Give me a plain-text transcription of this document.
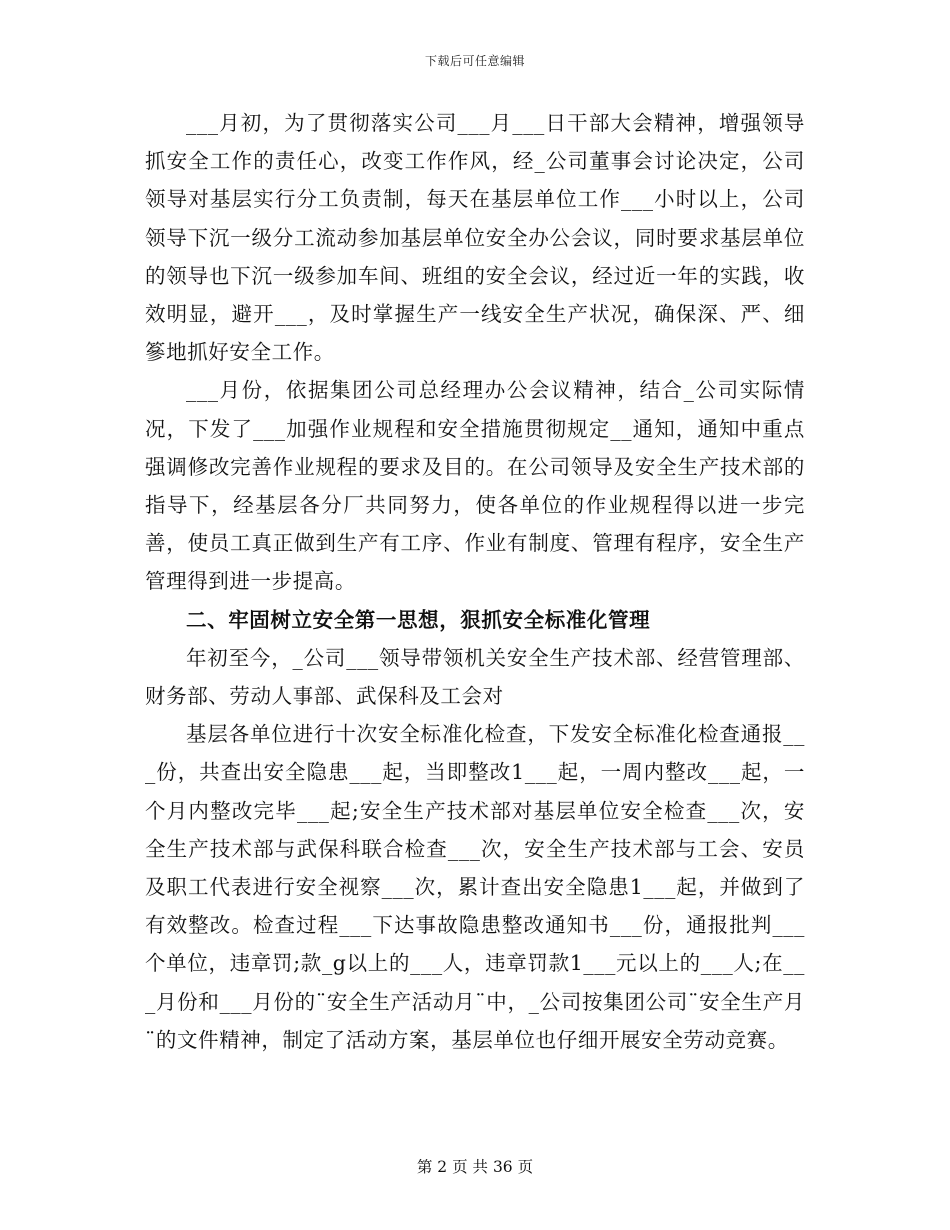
下载后可任意编辑

___月初，为了贯彻落实公司___月___日干部大会精神，增强领导抓安全工作的责任心，改变工作作风，经_公司董事会讨论决定，公司领导对基层实行分工负责制，每天在基层单位工作___小时以上，公司领导下沉一级分工流动参加基层单位安全办公会议，同时要求基层单位的领导也下沉一级参加车间、班组的安全会议，经过近一年的实践，收效明显，避开___，及时掌握生产一线安全生产状况，确保深、严、细篸地抓好安全工作。

___月份，依据集团公司总经理办公会议精神，结合_公司实际情况，下发了___加强作业规程和安全措施贯彻规定__通知，通知中重点强调修改完善作业规程的要求及目的。在公司领导及安全生产技术部的指导下，经基层各分厂共同努力，使各单位的作业规程得以进一步完善，使员工真正做到生产有工序、作业有制度、管理有程序，安全生产管理得到进一步提高。

二、牢固树立安全第一思想，狠抓安全标准化管理

年初至今，_公司___领导带领机关安全生产技术部、经营管理部、财务部、劳动人事部、武保科及工会对

基层各单位进行十次安全标准化检查，下发安全标准化检查通报___份，共查出安全隐患___起，当即整改1___起，一周内整改___起，一个月内整改完毕___起;安全生产技术部对基层单位安全检查___次，安全生产技术部与武保科联合检查___次，安全生产技术部与工会、安员及职工代表进行安全视察___次，累计查出安全隐患1___起，并做到了有效整改。检查过程___下达事故隐患整改通知书___份，通报批判___个单位，违章罚;款_g以上的___人，违章罚款1___元以上的___人;在___月份和___月份的¨安全生产活动月¨中，_公司按集团公司¨安全生产月¨的文件精神，制定了活动方案，基层单位也仔细开展安全劳动竞赛。

第 2 页 共 36 页
